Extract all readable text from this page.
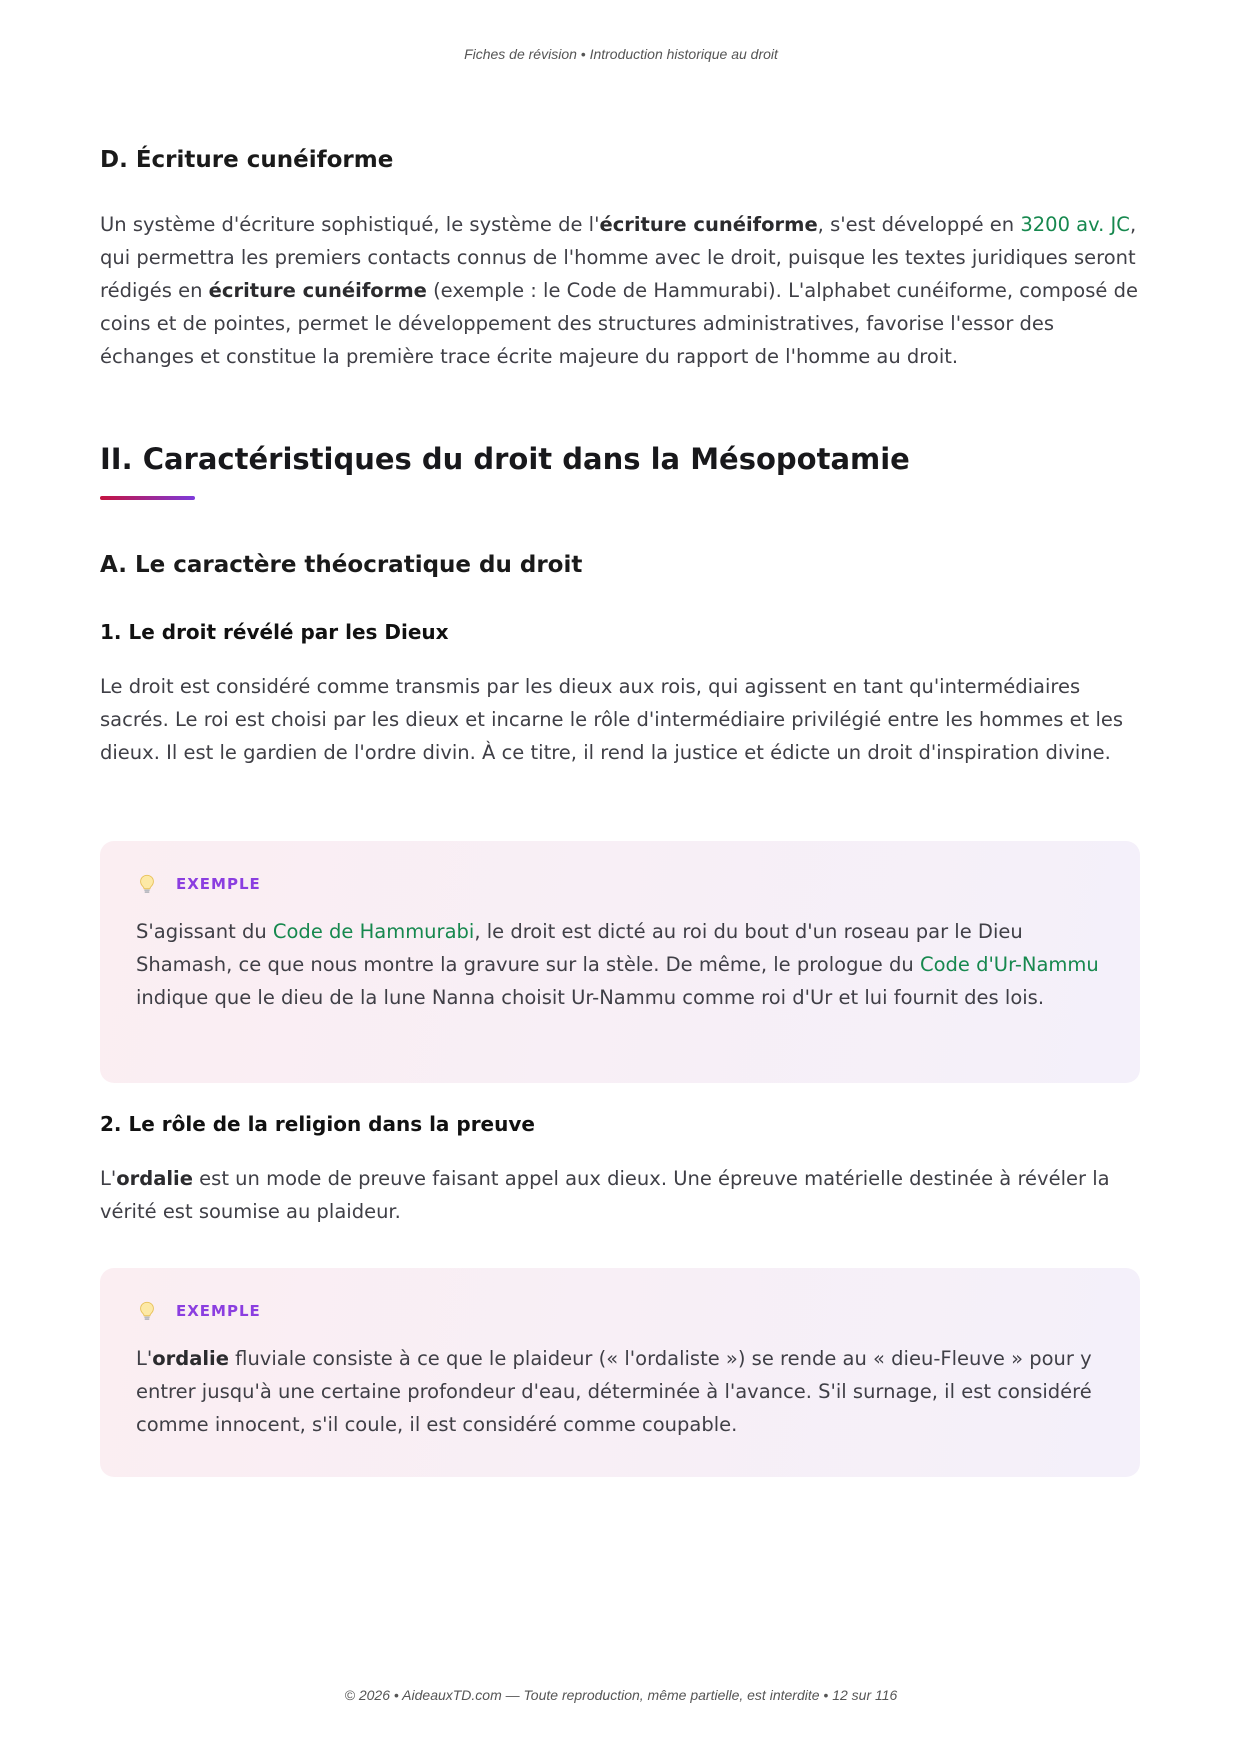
Fiches de révision • Introduction historique au droit
D. Écriture cunéiforme

Un système d'écriture sophistiqué, le système de l'écriture cunéiforme, s'est développé en 3200 av. JC, qui permettra les premiers contacts connus de l'homme avec le droit, puisque les textes juridiques seront rédigés en écriture cunéiforme (exemple : le Code de Hammurabi). L'alphabet cunéiforme, composé de coins et de pointes, permet le développement des structures administratives, favorise l'essor des échanges et constitue la première trace écrite majeure du rapport de l'homme au droit.

II. Caractéristiques du droit dans la Mésopotamie
A. Le caractère théocratique du droit
1. Le droit révélé par les Dieux

Le droit est considéré comme transmis par les dieux aux rois, qui agissent en tant qu'intermédiaires sacrés. Le roi est choisi par les dieux et incarne le rôle d'intermédiaire privilégié entre les hommes et les dieux. Il est le gardien de l'ordre divin. À ce titre, il rend la justice et édicte un droit d'inspiration divine.

EXEMPLE

S'agissant du Code de Hammurabi, le droit est dicté au roi du bout d'un roseau par le Dieu Shamash, ce que nous montre la gravure sur la stèle. De même, le prologue du Code d'Ur-Nammu indique que le dieu de la lune Nanna choisit Ur-Nammu comme roi d'Ur et lui fournit des lois.

2. Le rôle de la religion dans la preuve

L'ordalie est un mode de preuve faisant appel aux dieux. Une épreuve matérielle destinée à révéler la vérité est soumise au plaideur.

EXEMPLE

L'ordalie fluviale consiste à ce que le plaideur (« l'ordaliste ») se rende au « dieu-Fleuve » pour y entrer jusqu'à une certaine profondeur d'eau, déterminée à l'avance. S'il surnage, il est considéré comme innocent, s'il coule, il est considéré comme coupable.

© 2026 • AideauxTD.com — Toute reproduction, même partielle, est interdite • 12 sur 116
